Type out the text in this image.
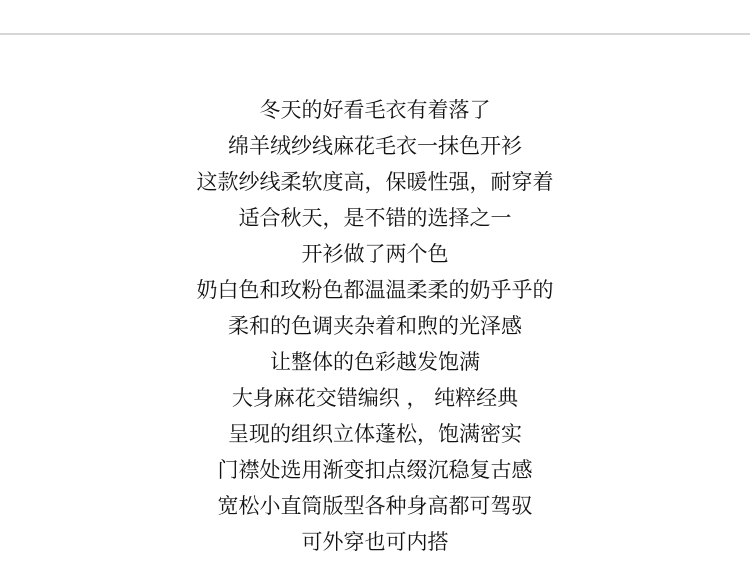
冬天的好看毛衣有着落了
绵羊绒纱线麻花毛衣一抹色开衫
这款纱线柔软度高，保暖性强，耐穿着
适合秋天，是不错的选择之一
开衫做了两个色
奶白色和玫粉色都温温柔柔的奶乎乎的
柔和的色调夹杂着和煦的光泽感
让整体的色彩越发饱满
大身麻花交错编织 ， 纯粹经典
呈现的组织立体蓬松，饱满密实
门襟处选用渐变扣点缀沉稳复古感
宽松小直筒版型各种身高都可驾驭
可外穿也可内搭
